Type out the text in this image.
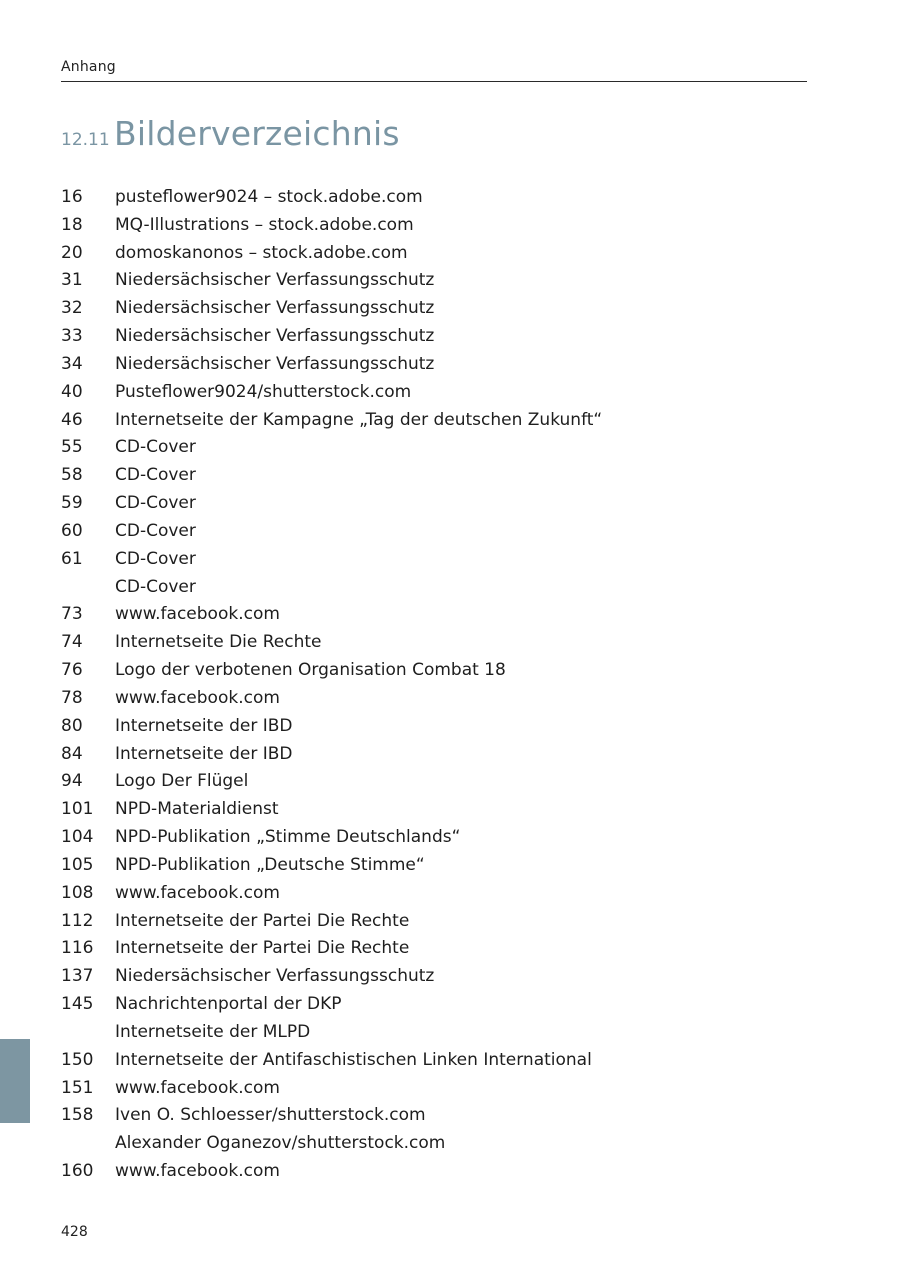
Anhang
12.11 Bilderverzeichnis
16 pusteflower9024 – stock.adobe.com
18 MQ-Illustrations – stock.adobe.com
20 domoskanonos – stock.adobe.com
31 Niedersächsischer Verfassungsschutz
32 Niedersächsischer Verfassungsschutz
33 Niedersächsischer Verfassungsschutz
34 Niedersächsischer Verfassungsschutz
40 Pusteflower9024/shutterstock.com
46 Internetseite der Kampagne „Tag der deutschen Zukunft“
55 CD-Cover
58 CD-Cover
59 CD-Cover
60 CD-Cover
61 CD-Cover
CD-Cover
73 www.facebook.com
74 Internetseite Die Rechte
76 Logo der verbotenen Organisation Combat 18
78 www.facebook.com
80 Internetseite der IBD
84 Internetseite der IBD
94 Logo Der Flügel
101 NPD-Materialdienst
104 NPD-Publikation „Stimme Deutschlands“
105 NPD-Publikation „Deutsche Stimme“
108 www.facebook.com
112 Internetseite der Partei Die Rechte
116 Internetseite der Partei Die Rechte
137 Niedersächsischer Verfassungsschutz
145 Nachrichtenportal der DKP
Internetseite der MLPD
150 Internetseite der Antifaschistischen Linken International
151 www.facebook.com
158 Iven O. Schloesser/shutterstock.com
Alexander Oganezov/shutterstock.com
160 www.facebook.com
428
